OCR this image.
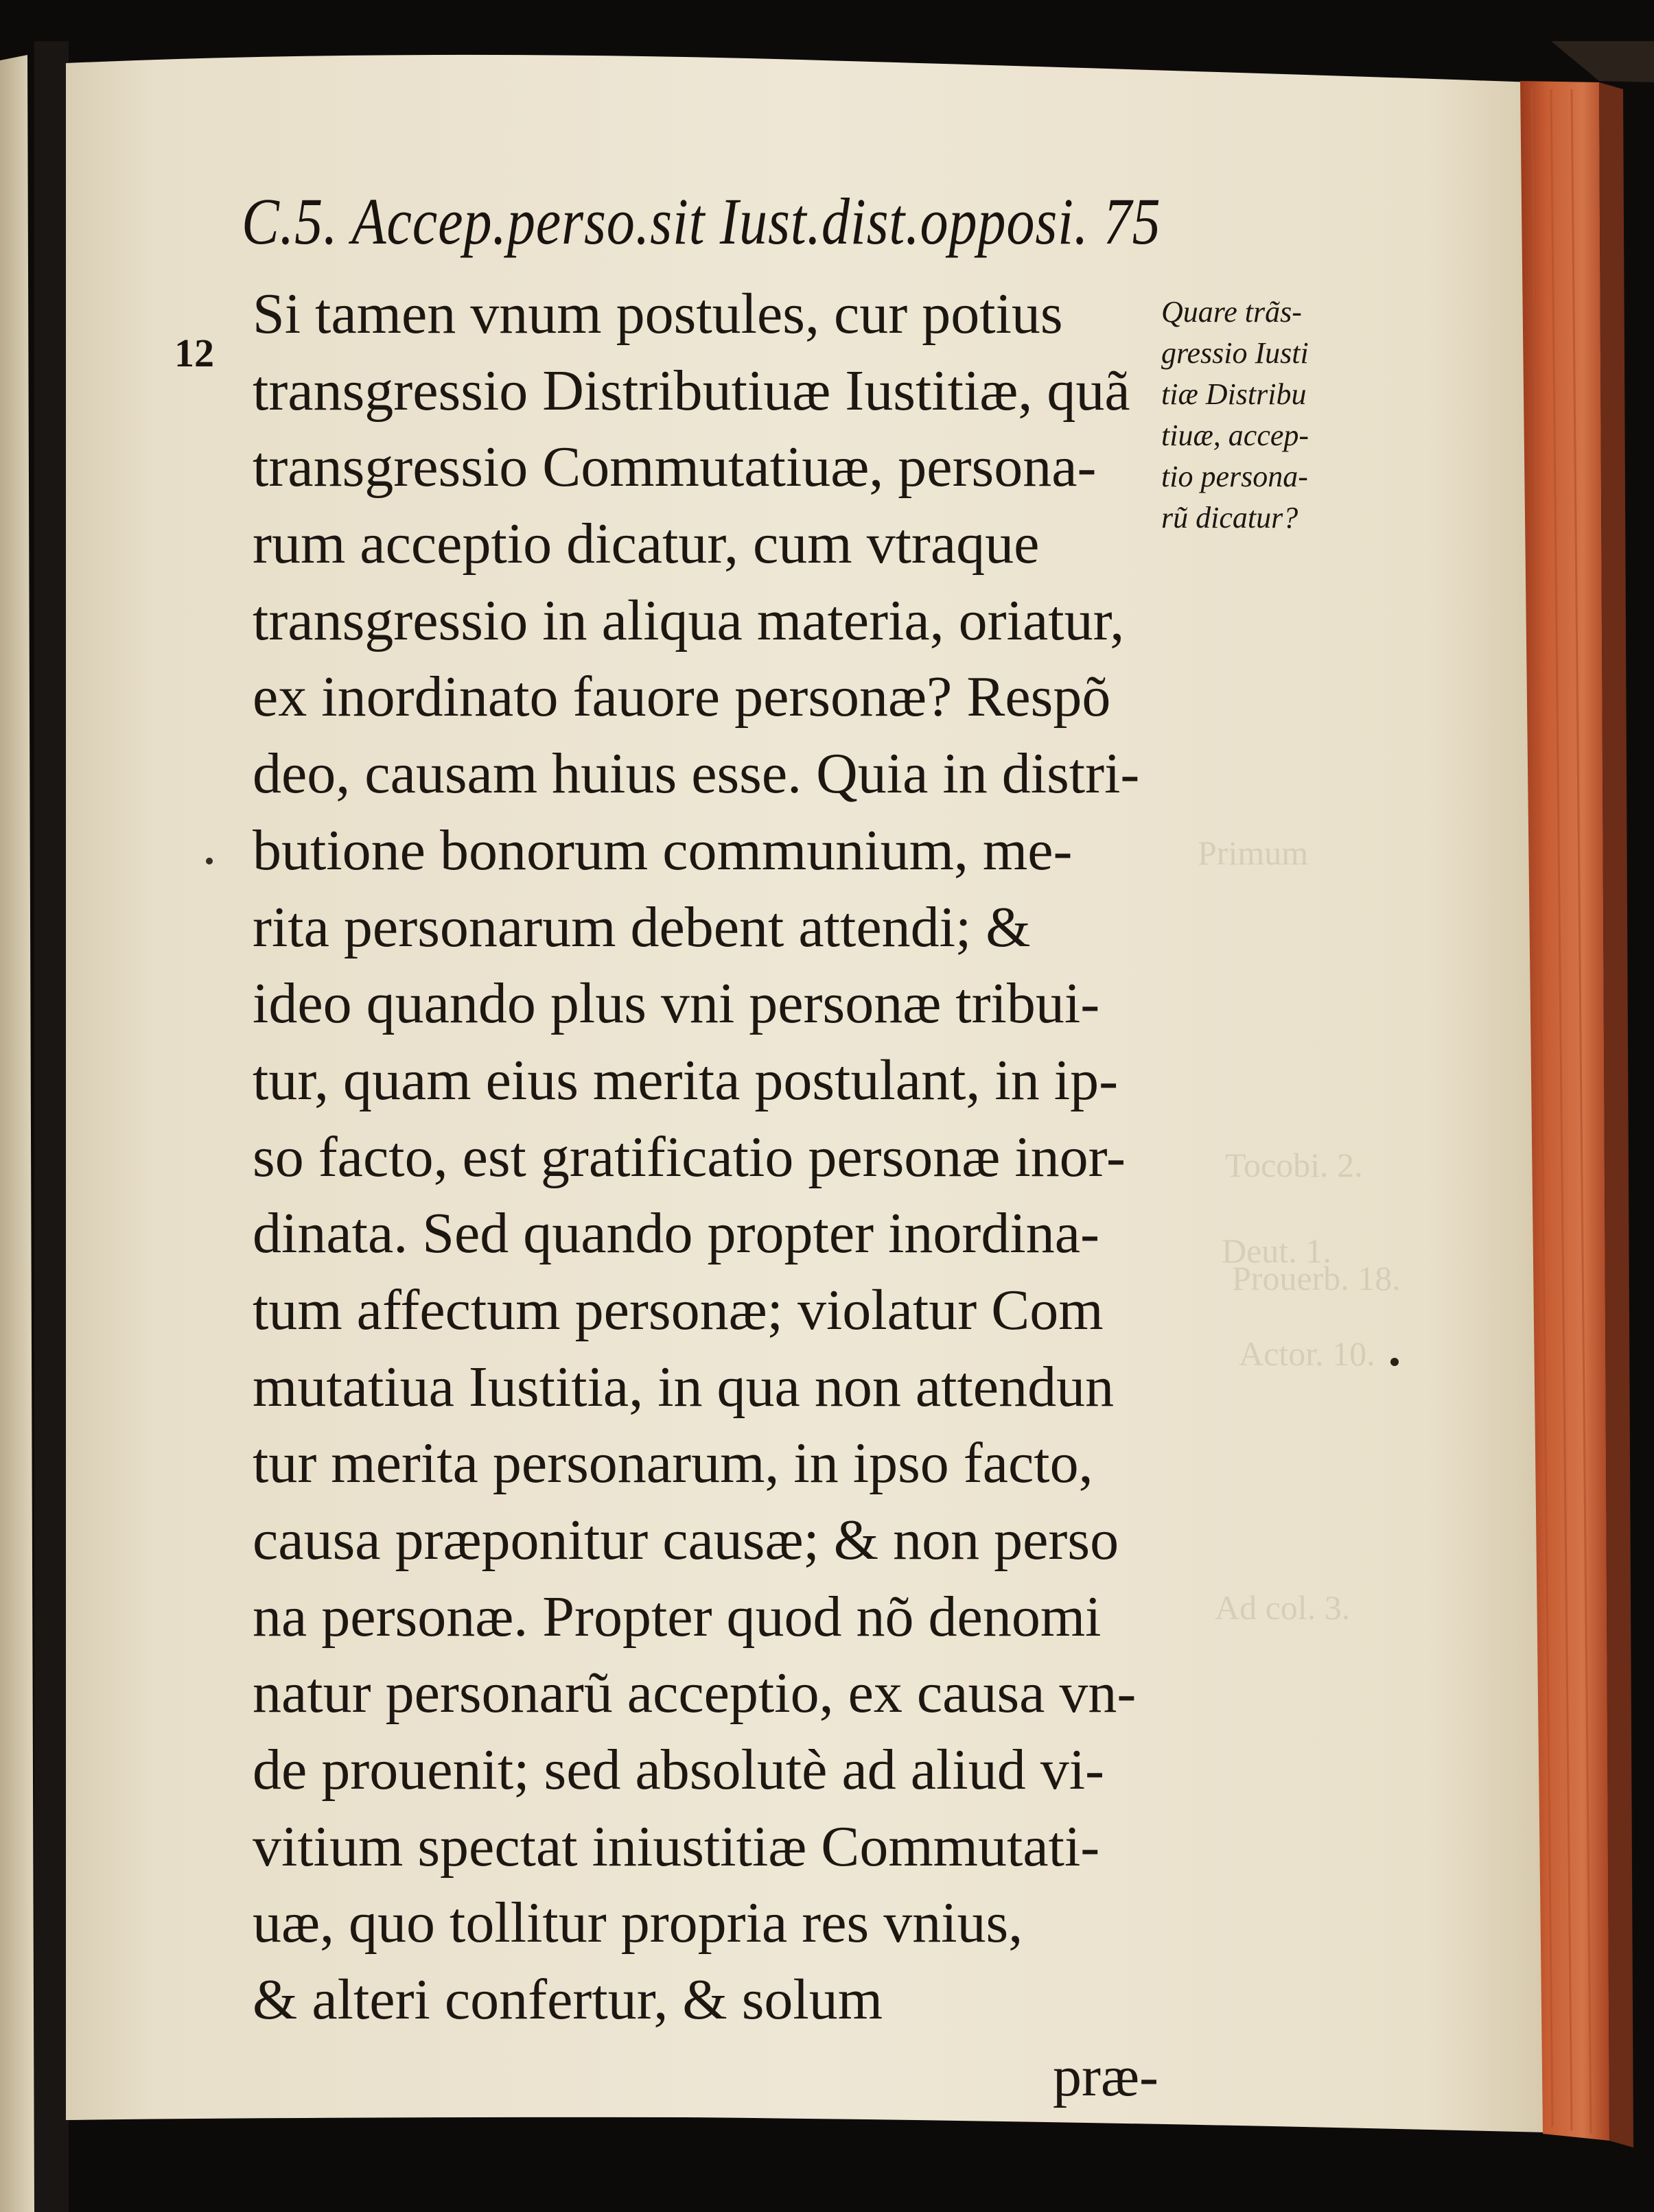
Primum
Tocobi. 2.
Deut. 1.
Prouerb. 18.
Actor. 10.
Ad col. 3.
C.5. Accep.perso.sit Iust.dist.opposi. 75
12
Si tamen vnum postules, cur potius
transgressio Distributiuæ Iustitiæ, quã
transgressio Commutatiuæ, persona-
rum acceptio dicatur, cum vtraque
transgressio in aliqua materia, oriatur,
ex inordinato fauore personæ? Respõ
deo, causam huius esse. Quia in distri-
butione bonorum communium, me-
rita personarum debent attendi; &
ideo quando plus vni personæ tribui-
tur, quam eius merita postulant, in ip-
so facto, est gratificatio personæ inor-
dinata. Sed quando propter inordina-
tum affectum personæ; violatur Com
mutatiua Iustitia, in qua non attendun
tur merita personarum, in ipso facto,
causa præponitur causæ; & non perso
na personæ. Propter quod nõ denomi
natur personarũ acceptio, ex causa vn-
de prouenit; sed absolutè ad aliud vi-
vitium spectat iniustitiæ Commutati-
uæ, quo tollitur propria res vnius,
& alteri confertur, & solum
præ-
Quare trãs-
gressio Iusti
tiæ Distribu
tiuæ, accep-
tio persona-
rũ dicatur?
